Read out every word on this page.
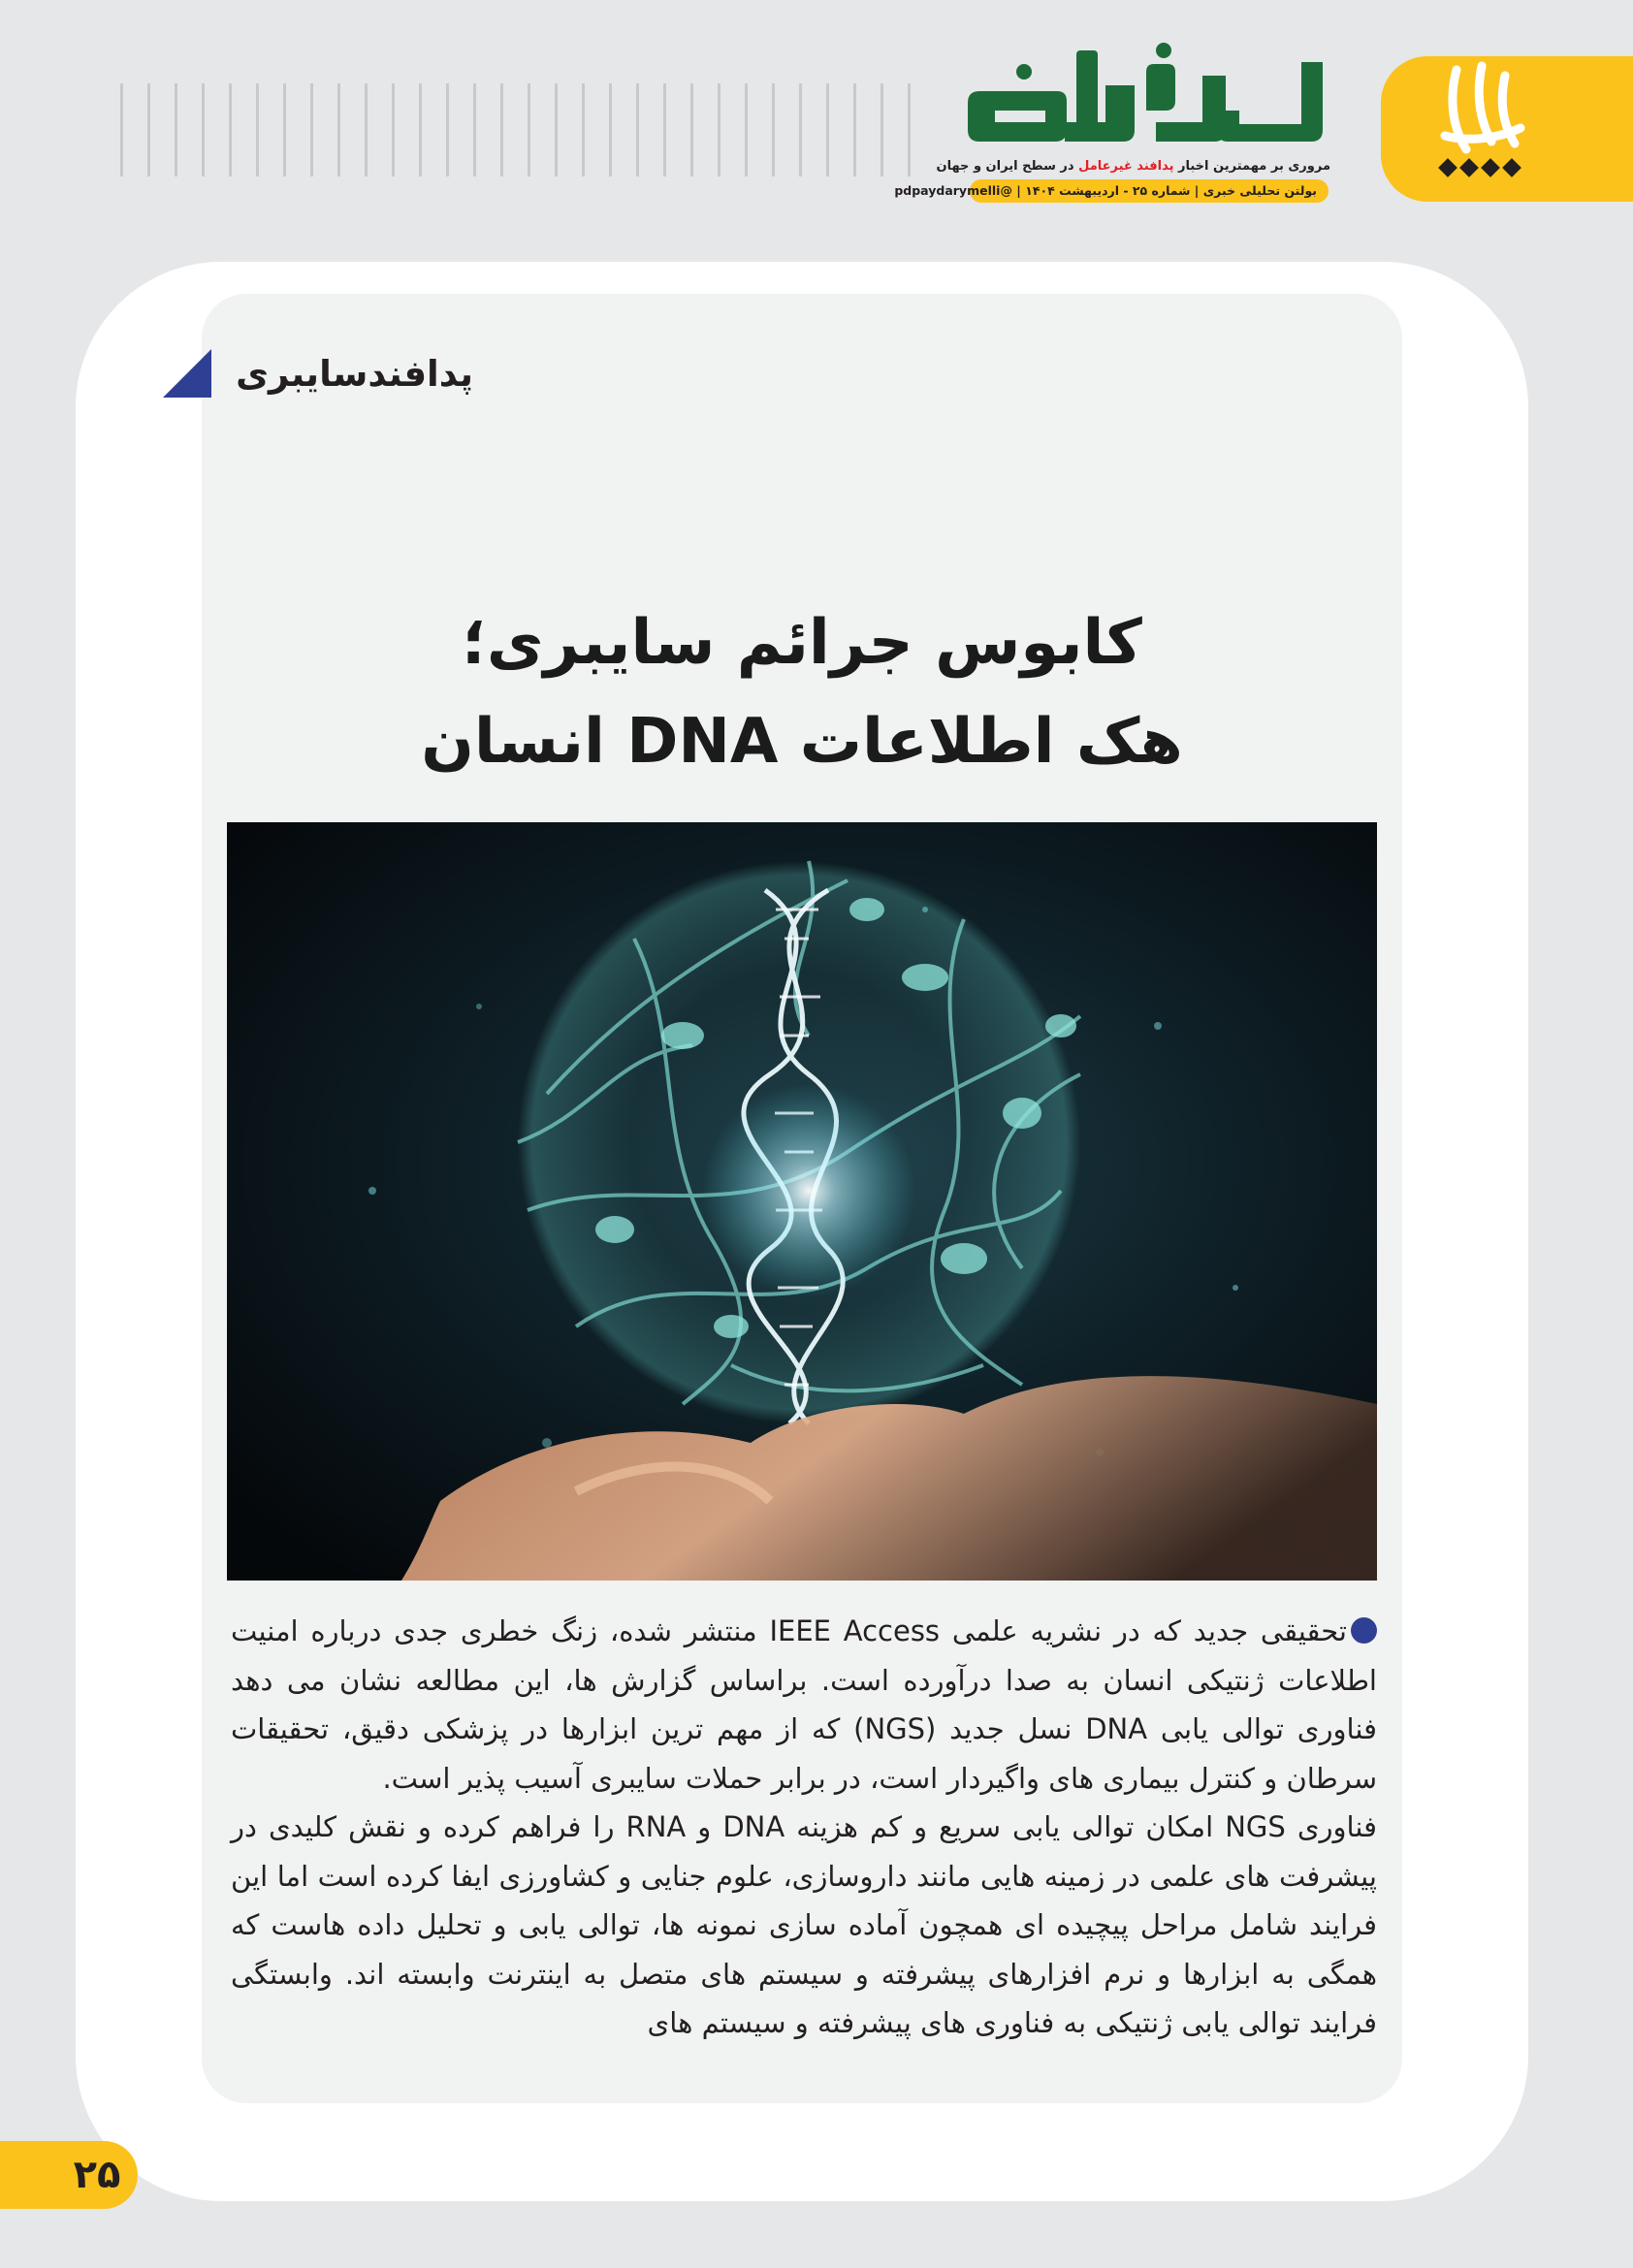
مروری بر مهمترین اخبار پدافند غیرعامل در سطح ایران و جهان
بولتن تحلیلی خبری | شماره ۲۵ - اردیبهشت ۱۴۰۴ | @pdpaydarymelli
پدافندسایبری
کابوس جرائم سایبری؛
هک اطلاعات DNA انسان

تحقیقی جدید که در نشریه علمی IEEE Access منتشر شده، زنگ خطری جدی درباره امنیت اطلاعات ژنتیکی انسان به صدا درآورده است. براساس گزارش ها، این مطالعه نشان می دهد فناوری توالی یابی DNA نسل جدید (NGS) که از مهم ترین ابزارها در پزشکی دقیق، تحقیقات سرطان و کنترل بیماری های واگیردار است، در برابر حملات سایبری آسیب پذیر است.

فناوری NGS امکان توالی یابی سریع و کم هزینه DNA و RNA را فراهم کرده و نقش کلیدی در پیشرفت های علمی در زمینه هایی مانند داروسازی، علوم جنایی و کشاورزی ایفا کرده است اما این فرایند شامل مراحل پیچیده ای همچون آماده سازی نمونه ها، توالی یابی و تحلیل داده هاست که همگی به ابزارها و نرم افزارهای پیشرفته و سیستم های متصل به اینترنت وابسته اند. وابستگی فرایند توالی یابی ژنتیکی به فناوری های پیشرفته و سیستم های

۲۵
